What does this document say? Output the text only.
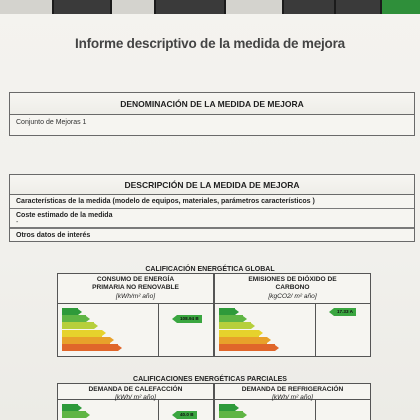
Informe descriptivo de la medida de mejora
DENOMINACIÓN DE LA MEDIDA DE MEJORA
Conjunto de Mejoras 1
DESCRIPCIÓN DE LA MEDIDA DE MEJORA
Características de la medida (modelo de equipos, materiales, parámetros característicos )
Coste estimado de la medida
-
Otros datos de interés
CALIFICACIÓN ENERGÉTICA GLOBAL
CONSUMO DE ENERGÍA
PRIMARIA NO RENOVABLE
[kWh/m² año]
108.94 B
EMISIONES DE DIÓXIDO DE
CARBONO
[kgCO2/ m² año]
17.33 A
CALIFICACIONES ENERGÉTICAS PARCIALES
DEMANDA DE CALEFACCIÓN
[kWh/ m² año]
40.0 B
DEMANDA DE REFRIGERACIÓN
[kWh/ m² año]
